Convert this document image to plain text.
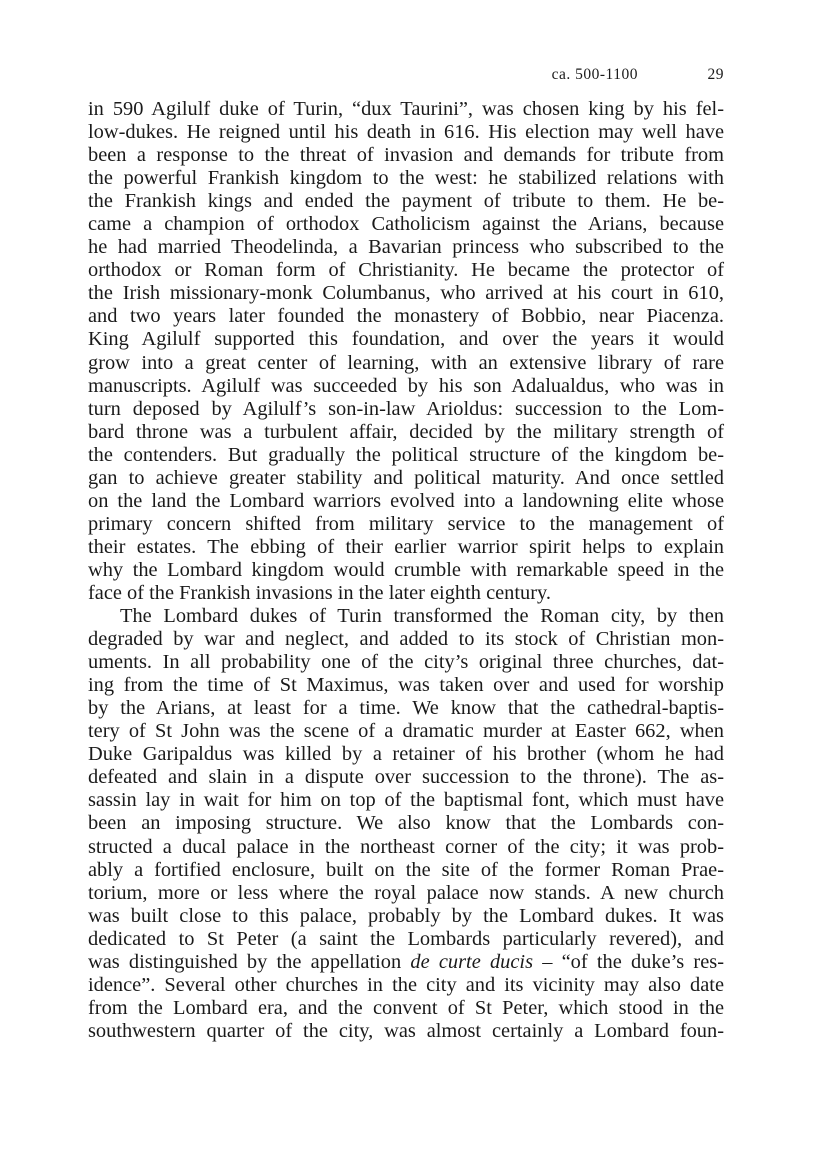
ca. 500-1100	29
in 590 Agilulf duke of Turin, “dux Taurini”, was chosen king by his fel-
low-dukes. He reigned until his death in 616. His election may well have
been a response to the threat of invasion and demands for tribute from
the powerful Frankish kingdom to the west: he stabilized relations with
the Frankish kings and ended the payment of tribute to them. He be-
came a champion of orthodox Catholicism against the Arians, because
he had married Theodelinda, a Bavarian princess who subscribed to the
orthodox or Roman form of Christianity. He became the protector of
the Irish missionary-monk Columbanus, who arrived at his court in 610,
and two years later founded the monastery of Bobbio, near Piacenza.
King Agilulf supported this foundation, and over the years it would
grow into a great center of learning, with an extensive library of rare
manuscripts. Agilulf was succeeded by his son Adalualdus, who was in
turn deposed by Agilulf’s son-in-law Arioldus: succession to the Lom-
bard throne was a turbulent affair, decided by the military strength of
the contenders. But gradually the political structure of the kingdom be-
gan to achieve greater stability and political maturity. And once settled
on the land the Lombard warriors evolved into a landowning elite whose
primary concern shifted from military service to the management of
their estates. The ebbing of their earlier warrior spirit helps to explain
why the Lombard kingdom would crumble with remarkable speed in the
face of the Frankish invasions in the later eighth century.
The Lombard dukes of Turin transformed the Roman city, by then
degraded by war and neglect, and added to its stock of Christian mon-
uments. In all probability one of the city’s original three churches, dat-
ing from the time of St Maximus, was taken over and used for worship
by the Arians, at least for a time. We know that the cathedral-baptis-
tery of St John was the scene of a dramatic murder at Easter 662, when
Duke Garipaldus was killed by a retainer of his brother (whom he had
defeated and slain in a dispute over succession to the throne). The as-
sassin lay in wait for him on top of the baptismal font, which must have
been an imposing structure. We also know that the Lombards con-
structed a ducal palace in the northeast corner of the city; it was prob-
ably a fortified enclosure, built on the site of the former Roman Prae-
torium, more or less where the royal palace now stands. A new church
was built close to this palace, probably by the Lombard dukes. It was
dedicated to St Peter (a saint the Lombards particularly revered), and
was distinguished by the appellation de curte ducis – “of the duke’s res-
idence”. Several other churches in the city and its vicinity may also date
from the Lombard era, and the convent of St Peter, which stood in the
southwestern quarter of the city, was almost certainly a Lombard foun-
